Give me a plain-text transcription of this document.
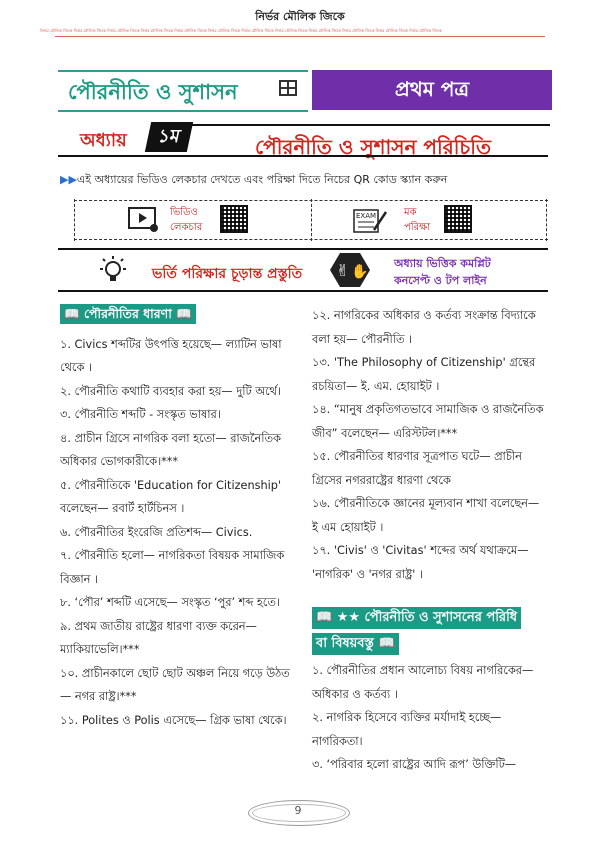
নির্ভর মৌলিক জিকে
নির্ভর মৌলিক জিকে নির্ভর মৌলিক জিকে নির্ভর মৌলিক জিকে নির্ভর মৌলিক জিকে নির্ভর মৌলিক জিকে নির্ভর মৌলিক জিকে নির্ভর মৌলিক জিকে নির্ভর মৌলিক জিকে নির্ভর মৌলিক জিকে নির্ভর মৌলিক জিকে নির্ভর মৌলিক জিকে নির্ভর মৌলিক জিকে
পৌরনীতি ও সুশাসন	প্রথম পত্র
অধ্যায়	১ম	পৌরনীতি ও সুশাসন পরিচিতি
▶▶এই অধ্যায়ের ভিডিও লেকচার দেখতে এবং পরিক্ষা দিতে নিচের QR কোড স্ক্যান করুন
ভিডিও
লেকচার
EXAM	মক
পরিক্ষা
ভর্তি পরিক্ষার চূড়ান্ত প্রস্তুতি ✌ ✋
অধ্যায় ভিত্তিক কমপ্লিট
কনসেপ্ট ও টপ লাইন
📖 পৌরনীতির ধারণা 📖

১. Civics শব্দটির উৎপত্তি হয়েছে— ল্যাটিন ভাষা থেকে ।

২. পৌরনীতি কথাটি ব্যবহার করা হয়— দুটি অর্থে।

৩. পৌরনীতি শব্দটি - সংস্কৃত ভাষার।

৪. প্রাচীন গ্রিসে নাগরিক বলা হতো— রাজনৈতিক অধিকার ভোগকারীকে।***

৫. পৌরনীতিকে 'Education for Citizenship' বলেছেন— রবার্ট হার্টচিনস ।

৬. পৌরনীতির ইংরেজি প্রতিশব্দ— Civics.

৭. পৌরনীতি হলো— নাগরিকতা বিষয়ক সামাজিক বিজ্ঞান ।

৮. ‘পৌর’ শব্দটি এসেছে— সংস্কৃত ‘পুর’ শব্দ হতে।

৯. প্রথম জাতীয় রাষ্ট্রের ধারণা ব্যক্ত করেন— ম্যাকিয়াভেলি।***

১০. প্রাচীনকালে ছোট ছোট অঞ্চল নিয়ে গড়ে উঠত— নগর রাষ্ট্র।***

১১. Polites ও Polis এসেছে— গ্রিক ভাষা থেকে।

১২. নাগরিকের অধিকার ও কর্তব্য সংক্রান্ত বিদ্যাকে বলা হয়— পৌরনীতি ।

১৩. 'The Philosophy of Citizenship' গ্রন্থের রচয়িতা— ই. এম. হোয়াইট ।

১৪. “মানুষ প্রকৃতিগতভাবে সামাজিক ও রাজনৈতিক জীব” বলেছেন— এরিস্টটল।***

১৫. পৌরনীতির ধারণার সূত্রপাত ঘটে— প্রাচীন গ্রিসের নগররাষ্ট্রের ধারণা থেকে

১৬. পৌরনীতিকে জ্ঞানের মূল্যবান শাখা বলেছেন— ই এম হোয়াইট ।

১৭. 'Civis' ও 'Civitas' শব্দের অর্থ যথাক্রমে— 'নাগরিক' ও 'নগর রাষ্ট্র' ।

📖 ★★ পৌরনীতি ও সুশাসনের পরিধি
বা বিষয়বস্তু 📖

১. পৌরনীতির প্রধান আলোচ্য বিষয় নাগরিকের— অধিকার ও কর্তব্য ।

২. নাগরিক হিসেবে ব্যক্তির মর্যাদাই হচ্ছে— নাগরিকতা।

৩. ‘পরিবার হলো রাষ্ট্রের আদি রূপ’ উক্তিটি—

9
